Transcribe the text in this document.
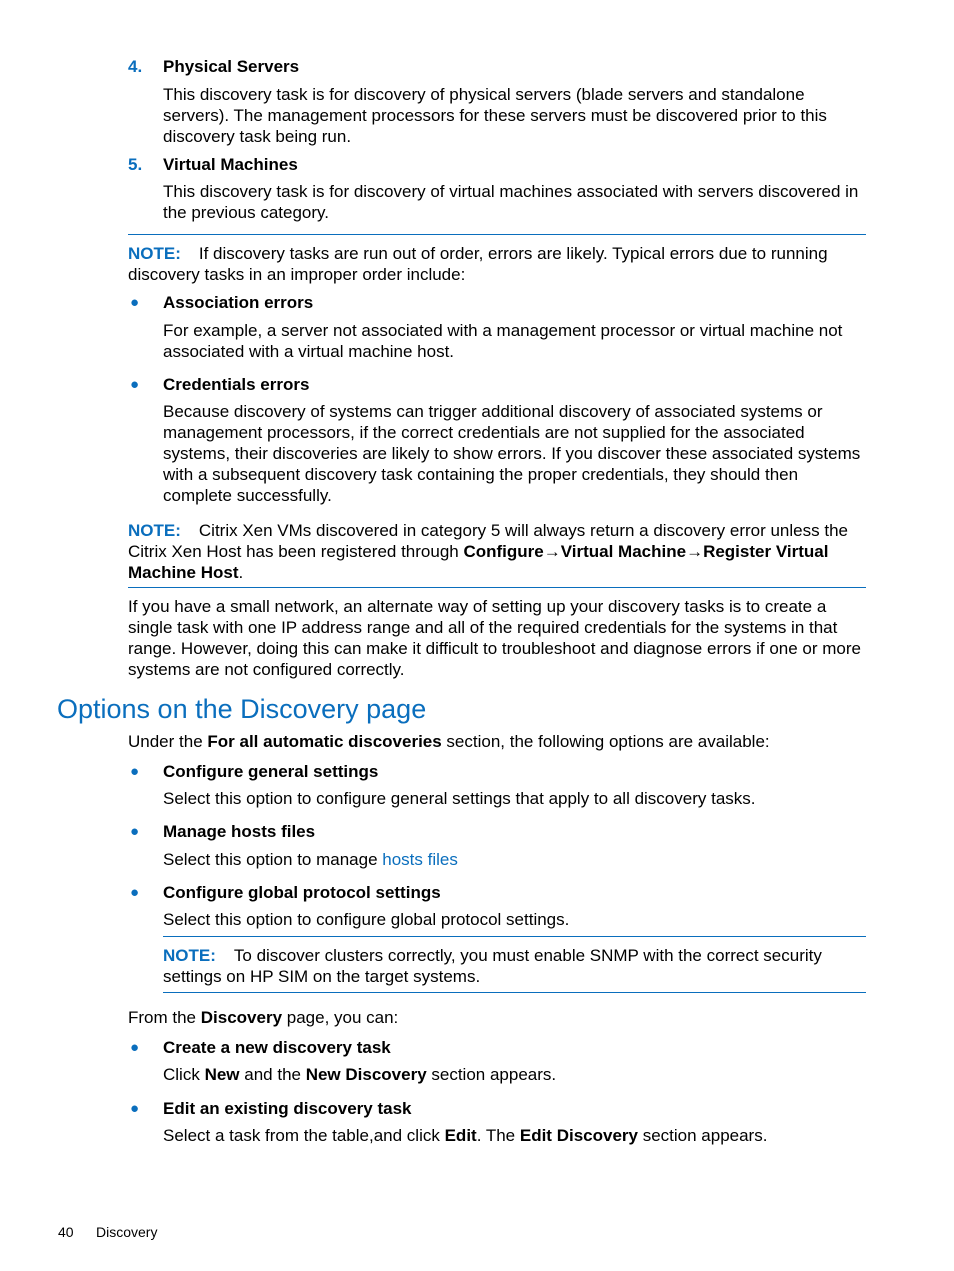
4. Physical Servers

This discovery task is for discovery of physical servers (blade servers and standalone servers). The management processors for these servers must be discovered prior to this discovery task being run.

5. Virtual Machines

This discovery task is for discovery of virtual machines associated with servers discovered in the previous category.

NOTE: If discovery tasks are run out of order, errors are likely. Typical errors due to running discovery tasks in an improper order include:

● Association errors

For example, a server not associated with a management processor or virtual machine not associated with a virtual machine host.

● Credentials errors

Because discovery of systems can trigger additional discovery of associated systems or management processors, if the correct credentials are not supplied for the associated systems, their discoveries are likely to show errors. If you discover these associated systems with a subsequent discovery task containing the proper credentials, they should then complete successfully.

NOTE: Citrix Xen VMs discovered in category 5 will always return a discovery error unless the Citrix Xen Host has been registered through Configure→Virtual Machine→Register Virtual Machine Host.

If you have a small network, an alternate way of setting up your discovery tasks is to create a single task with one IP address range and all of the required credentials for the systems in that range. However, doing this can make it difficult to troubleshoot and diagnose errors if one or more systems are not configured correctly.

Options on the Discovery page

Under the For all automatic discoveries section, the following options are available:

● Configure general settings

Select this option to configure general settings that apply to all discovery tasks.

● Manage hosts files

Select this option to manage hosts files

● Configure global protocol settings

Select this option to configure global protocol settings.

NOTE: To discover clusters correctly, you must enable SNMP with the correct security settings on HP SIM on the target systems.

From the Discovery page, you can:

● Create a new discovery task

Click New and the New Discovery section appears.

● Edit an existing discovery task

Select a task from the table,and click Edit. The Edit Discovery section appears.

40 Discovery
